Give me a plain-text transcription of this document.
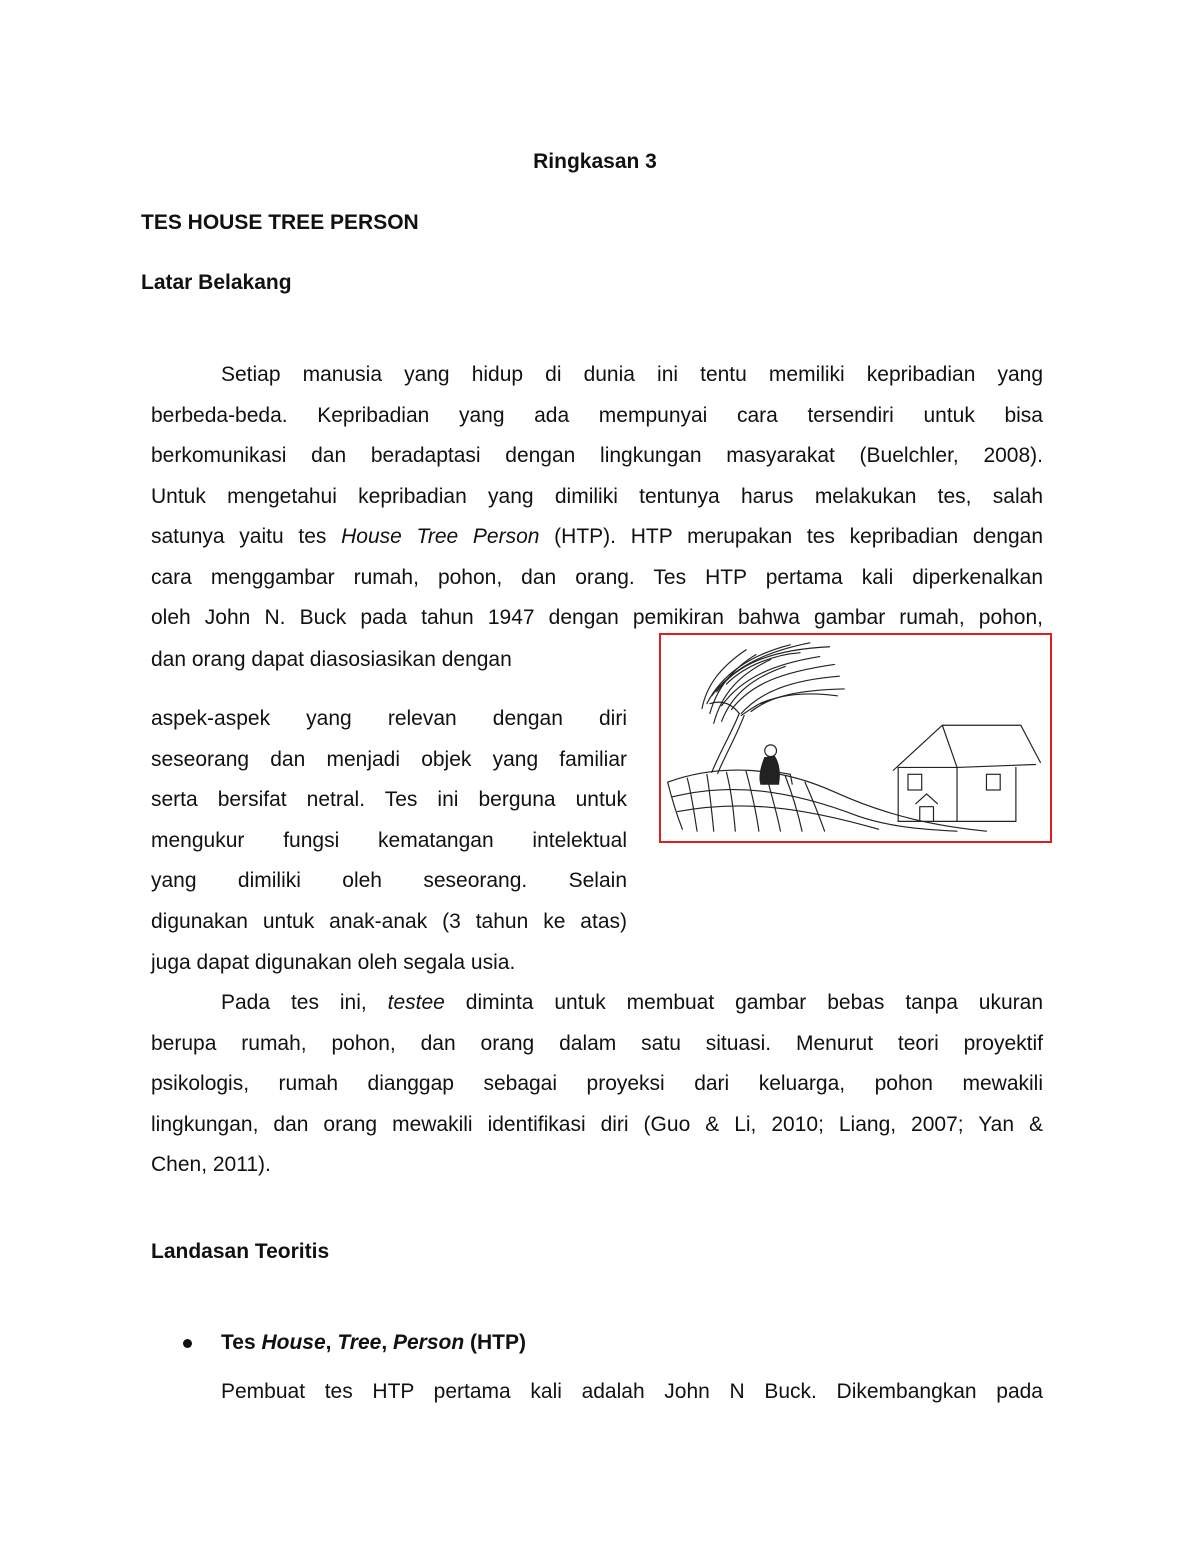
Ringkasan 3
TES HOUSE TREE PERSON
Latar Belakang
Setiap manusia yang hidup di dunia ini tentu memiliki kepribadian yang
berbeda-beda. Kepribadian yang ada mempunyai cara tersendiri untuk bisa
berkomunikasi dan beradaptasi dengan lingkungan masyarakat (Buelchler, 2008).
Untuk mengetahui kepribadian yang dimiliki tentunya harus melakukan tes, salah
satunya yaitu tes House Tree Person (HTP). HTP merupakan tes kepribadian dengan
cara menggambar rumah, pohon, dan orang. Tes HTP pertama kali diperkenalkan
oleh John N. Buck pada tahun 1947 dengan pemikiran bahwa gambar rumah, pohon,
dan orang dapat diasosiasikan dengan
aspek-aspek yang relevan dengan diri
seseorang dan menjadi objek yang familiar
serta bersifat netral. Tes ini berguna untuk
mengukur fungsi kematangan intelektual
yang dimiliki oleh seseorang. Selain
digunakan untuk anak-anak (3 tahun ke atas)
juga dapat digunakan oleh segala usia.
Pada tes ini, testee diminta untuk membuat gambar bebas tanpa ukuran
berupa rumah, pohon, dan orang dalam satu situasi. Menurut teori proyektif
psikologis, rumah dianggap sebagai proyeksi dari keluarga, pohon mewakili
lingkungan, dan orang mewakili identifikasi diri (Guo & Li, 2010; Liang, 2007; Yan &
Chen, 2011).
Landasan Teoritis
Tes House, Tree, Person (HTP)
Pembuat tes HTP pertama kali adalah John N Buck. Dikembangkan pada
